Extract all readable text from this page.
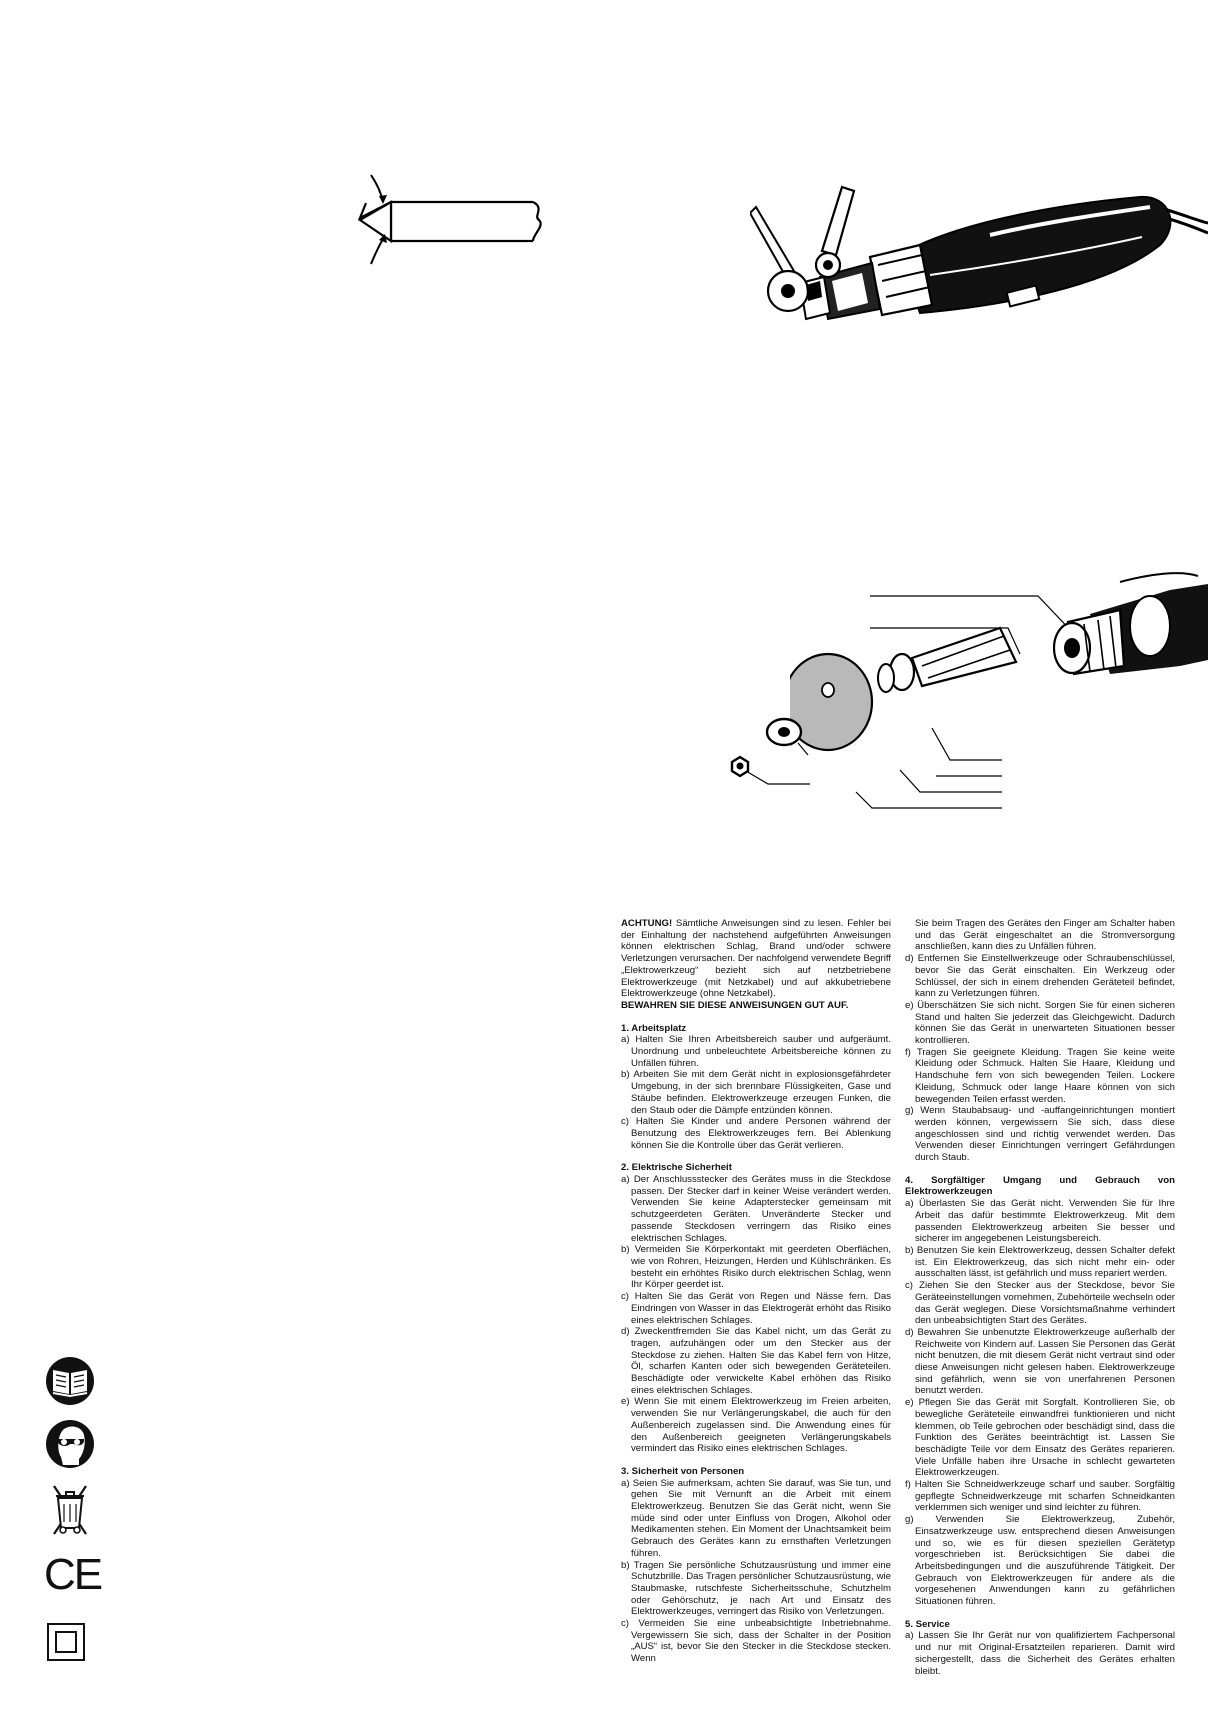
CE

ACHTUNG! Sämtliche Anweisungen sind zu lesen. Fehler bei der Einhaltung der nachstehend aufgeführten Anweisungen können elektrischen Schlag, Brand und/oder schwere Verletzungen verursachen. Der nachfolgend verwendete Begriff „Elektrowerkzeug“ bezieht sich auf netzbetriebene Elektrowerkzeuge (mit Netzkabel) und auf akkubetriebene Elektrowerkzeuge (ohne Netzkabel).

BEWAHREN SIE DIESE ANWEISUNGEN GUT AUF.

1. Arbeitsplatz

a) Halten Sie Ihren Arbeitsbereich sauber und aufgeräumt. Unordnung und unbeleuchtete Arbeitsbereiche können zu Unfällen führen.

b) Arbeiten Sie mit dem Gerät nicht in explosionsgefährdeter Umgebung, in der sich brennbare Flüssigkeiten, Gase und Stäube befinden. Elektrowerkzeuge erzeugen Funken, die den Staub oder die Dämpfe entzünden können.

c) Halten Sie Kinder und andere Personen während der Benutzung des Elektrowerkzeuges fern. Bei Ablenkung können Sie die Kontrolle über das Gerät verlieren.

2. Elektrische Sicherheit

a) Der Anschlussstecker des Gerätes muss in die Steckdose passen. Der Stecker darf in keiner Weise verändert werden. Verwenden Sie keine Adapterstecker gemeinsam mit schutzgeerdeten Geräten. Unveränderte Stecker und passende Steckdosen verringern das Risiko eines elektrischen Schlages.

b) Vermeiden Sie Körperkontakt mit geerdeten Oberflächen, wie von Rohren, Heizungen, Herden und Kühlschränken. Es besteht ein erhöhtes Risiko durch elektrischen Schlag, wenn Ihr Körper geerdet ist.

c) Halten Sie das Gerät von Regen und Nässe fern. Das Eindringen von Wasser in das Elektrogerät erhöht das Risiko eines elektrischen Schlages.

d) Zweckentfremden Sie das Kabel nicht, um das Gerät zu tragen, aufzuhängen oder um den Stecker aus der Steckdose zu ziehen. Halten Sie das Kabel fern von Hitze, Öl, scharfen Kanten oder sich bewegenden Geräteteilen. Beschädigte oder verwickelte Kabel erhöhen das Risiko eines elektrischen Schlages.

e) Wenn Sie mit einem Elektrowerkzeug im Freien arbeiten, verwenden Sie nur Verlängerungskabel, die auch für den Außenbereich zugelassen sind. Die Anwendung eines für den Außenbereich geeigneten Verlängerungskabels vermindert das Risiko eines elektrischen Schlages.

3. Sicherheit von Personen

a) Seien Sie aufmerksam, achten Sie darauf, was Sie tun, und gehen Sie mit Vernunft an die Arbeit mit einem Elektrowerkzeug. Benutzen Sie das Gerät nicht, wenn Sie müde sind oder unter Einfluss von Drogen, Alkohol oder Medikamenten stehen. Ein Moment der Unachtsamkeit beim Gebrauch des Gerätes kann zu ernsthaften Verletzungen führen.

b) Tragen Sie persönliche Schutzausrüstung und immer eine Schutzbrille. Das Tragen persönlicher Schutzausrüstung, wie Staubmaske, rutschfeste Sicherheitsschuhe, Schutzhelm oder Gehörschutz, je nach Art und Einsatz des Elektrowerkzeuges, verringert das Risiko von Verletzungen.

c) Vermeiden Sie eine unbeabsichtigte Inbetriebnahme. Vergewissern Sie sich, dass der Schalter in der Position „AUS“ ist, bevor Sie den Stecker in die Steckdose stecken. Wenn

Sie beim Tragen des Gerätes den Finger am Schalter haben und das Gerät eingeschaltet an die Stromversorgung anschließen, kann dies zu Unfällen führen.

d) Entfernen Sie Einstellwerkzeuge oder Schraubenschlüssel, bevor Sie das Gerät einschalten. Ein Werkzeug oder Schlüssel, der sich in einem drehenden Geräteteil befindet, kann zu Verletzungen führen.

e) Überschätzen Sie sich nicht. Sorgen Sie für einen sicheren Stand und halten Sie jederzeit das Gleichgewicht. Dadurch können Sie das Gerät in unerwarteten Situationen besser kontrollieren.

f) Tragen Sie geeignete Kleidung. Tragen Sie keine weite Kleidung oder Schmuck. Halten Sie Haare, Kleidung und Handschuhe fern von sich bewegenden Teilen. Lockere Kleidung, Schmuck oder lange Haare können von sich bewegenden Teilen erfasst werden.

g) Wenn Staubabsaug- und -auffangeinrichtungen montiert werden können, vergewissern Sie sich, dass diese angeschlossen sind und richtig verwendet werden. Das Verwenden dieser Einrichtungen verringert Gefährdungen durch Staub.

4. Sorgfältiger Umgang und Gebrauch von Elektrowerkzeugen

a) Überlasten Sie das Gerät nicht. Verwenden Sie für Ihre Arbeit das dafür bestimmte Elektrowerkzeug. Mit dem passenden Elektrowerkzeug arbeiten Sie besser und sicherer im angegebenen Leistungsbereich.

b) Benutzen Sie kein Elektrowerkzeug, dessen Schalter defekt ist. Ein Elektrowerkzeug, das sich nicht mehr ein- oder ausschalten lässt, ist gefährlich und muss repariert werden.

c) Ziehen Sie den Stecker aus der Steckdose, bevor Sie Geräteeinstellungen vornehmen, Zubehörteile wechseln oder das Gerät weglegen. Diese Vorsichtsmaßnahme verhindert den unbeabsichtigten Start des Gerätes.

d) Bewahren Sie unbenutzte Elektrowerkzeuge außerhalb der Reichweite von Kindern auf. Lassen Sie Personen das Gerät nicht benutzen, die mit diesem Gerät nicht vertraut sind oder diese Anweisungen nicht gelesen haben. Elektrowerkzeuge sind gefährlich, wenn sie von unerfahrenen Personen benutzt werden.

e) Pflegen Sie das Gerät mit Sorgfalt. Kontrollieren Sie, ob bewegliche Geräteteile einwandfrei funktionieren und nicht klemmen, ob Teile gebrochen oder beschädigt sind, dass die Funktion des Gerätes beeinträchtigt ist. Lassen Sie beschädigte Teile vor dem Einsatz des Gerätes reparieren. Viele Unfälle haben ihre Ursache in schlecht gewarteten Elektrowerkzeugen.

f) Halten Sie Schneidwerkzeuge scharf und sauber. Sorgfältig gepflegte Schneidwerkzeuge mit scharfen Schneidkanten verklemmen sich weniger und sind leichter zu führen.

g) Verwenden Sie Elektrowerkzeug, Zubehör, Einsatzwerkzeuge usw. entsprechend diesen Anweisungen und so, wie es für diesen speziellen Gerätetyp vorgeschrieben ist. Berücksichtigen Sie dabei die Arbeitsbedingungen und die auszuführende Tätigkeit. Der Gebrauch von Elektrowerkzeugen für andere als die vorgesehenen Anwendungen kann zu gefährlichen Situationen führen.

5. Service

a) Lassen Sie Ihr Gerät nur von qualifiziertem Fachpersonal und nur mit Original-Ersatzteilen reparieren. Damit wird sichergestellt, dass die Sicherheit des Gerätes erhalten bleibt.
